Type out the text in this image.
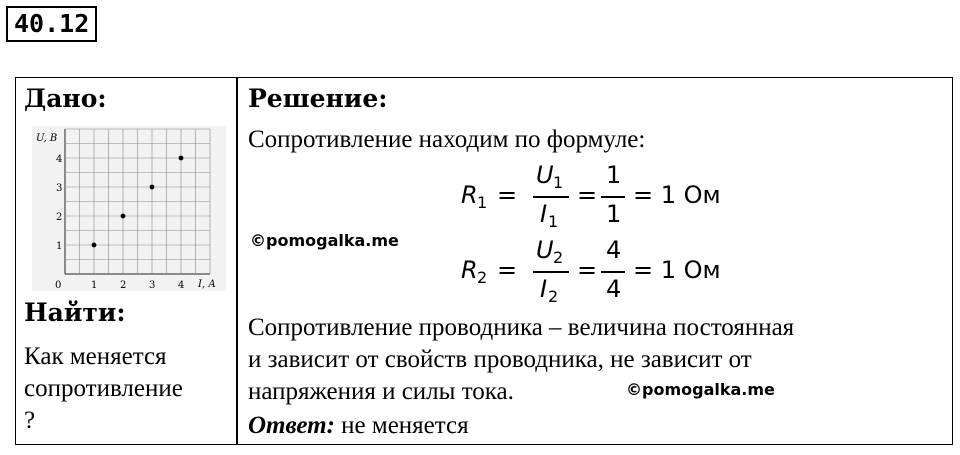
40.12
Дано:
U, В
I, А
0	1 2 3 4
1
2
3
4
Найти:
Как меняется
сопротивление
?
Решение:
Сопротивление находим по формуле:
©pomogalka.me
R 1 =
U 1
I 1
=
1
1
= 1 Ом
R 2 =
U 2
I 2
=
4
4
= 1 Ом
Сопротивление проводника – величина постоянная
и зависит от свойств проводника, не зависит от
напряжения и силы тока.	©pomogalka.me
Ответ: не меняется
